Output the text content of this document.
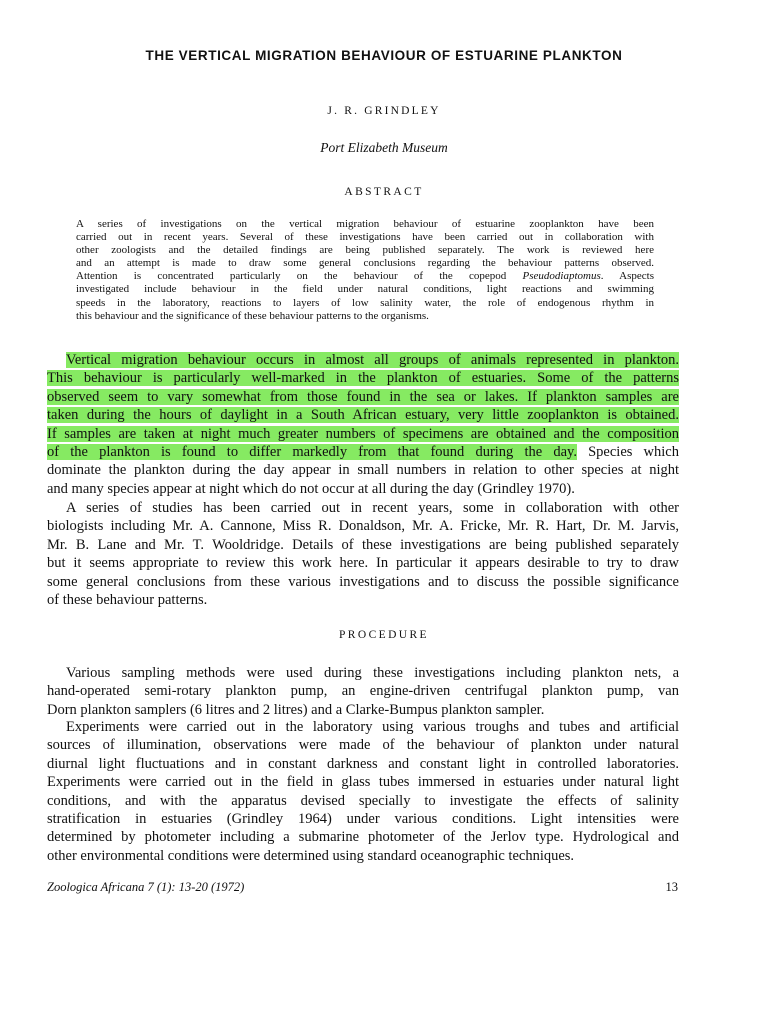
THE VERTICAL MIGRATION BEHAVIOUR OF ESTUARINE PLANKTON
J. R. GRINDLEY
Port Elizabeth Museum
ABSTRACT
A series of investigations on the vertical migration behaviour of estuarine zooplankton have been
carried out in recent years. Several of these investigations have been carried out in collaboration with
other zoologists and the detailed findings are being published separately. The work is reviewed here
and an attempt is made to draw some general conclusions regarding the behaviour patterns observed.
Attention is concentrated particularly on the behaviour of the copepod Pseudodiaptomus. Aspects
investigated include behaviour in the field under natural conditions, light reactions and swimming
speeds in the laboratory, reactions to layers of low salinity water, the role of endogenous rhythm in
this behaviour and the significance of these behaviour patterns to the organisms.
Vertical migration behaviour occurs in almost all groups of animals represented in plankton.
This behaviour is particularly well-marked in the plankton of estuaries. Some of the patterns
observed seem to vary somewhat from those found in the sea or lakes. If plankton samples are
taken during the hours of daylight in a South African estuary, very little zooplankton is obtained.
If samples are taken at night much greater numbers of specimens are obtained and the composition
of the plankton is found to differ markedly from that found during the day. Species which
dominate the plankton during the day appear in small numbers in relation to other species at night
and many species appear at night which do not occur at all during the day (Grindley 1970).
A series of studies has been carried out in recent years, some in collaboration with other
biologists including Mr. A. Cannone, Miss R. Donaldson, Mr. A. Fricke, Mr. R. Hart, Dr. M. Jarvis,
Mr. B. Lane and Mr. T. Wooldridge. Details of these investigations are being published separately
but it seems appropriate to review this work here. In particular it appears desirable to try to draw
some general conclusions from these various investigations and to discuss the possible significance
of these behaviour patterns.
PROCEDURE
Various sampling methods were used during these investigations including plankton nets, a
hand-operated semi-rotary plankton pump, an engine-driven centrifugal plankton pump, van
Dorn plankton samplers (6 litres and 2 litres) and a Clarke-Bumpus plankton sampler.
Experiments were carried out in the laboratory using various troughs and tubes and artificial
sources of illumination, observations were made of the behaviour of plankton under natural
diurnal light fluctuations and in constant darkness and constant light in controlled laboratories.
Experiments were carried out in the field in glass tubes immersed in estuaries under natural light
conditions, and with the apparatus devised specially to investigate the effects of salinity
stratification in estuaries (Grindley 1964) under various conditions. Light intensities were
determined by photometer including a submarine photometer of the Jerlov type. Hydrological and
other environmental conditions were determined using standard oceanographic techniques.
Zoologica Africana 7 (1): 13-20 (1972)	13
